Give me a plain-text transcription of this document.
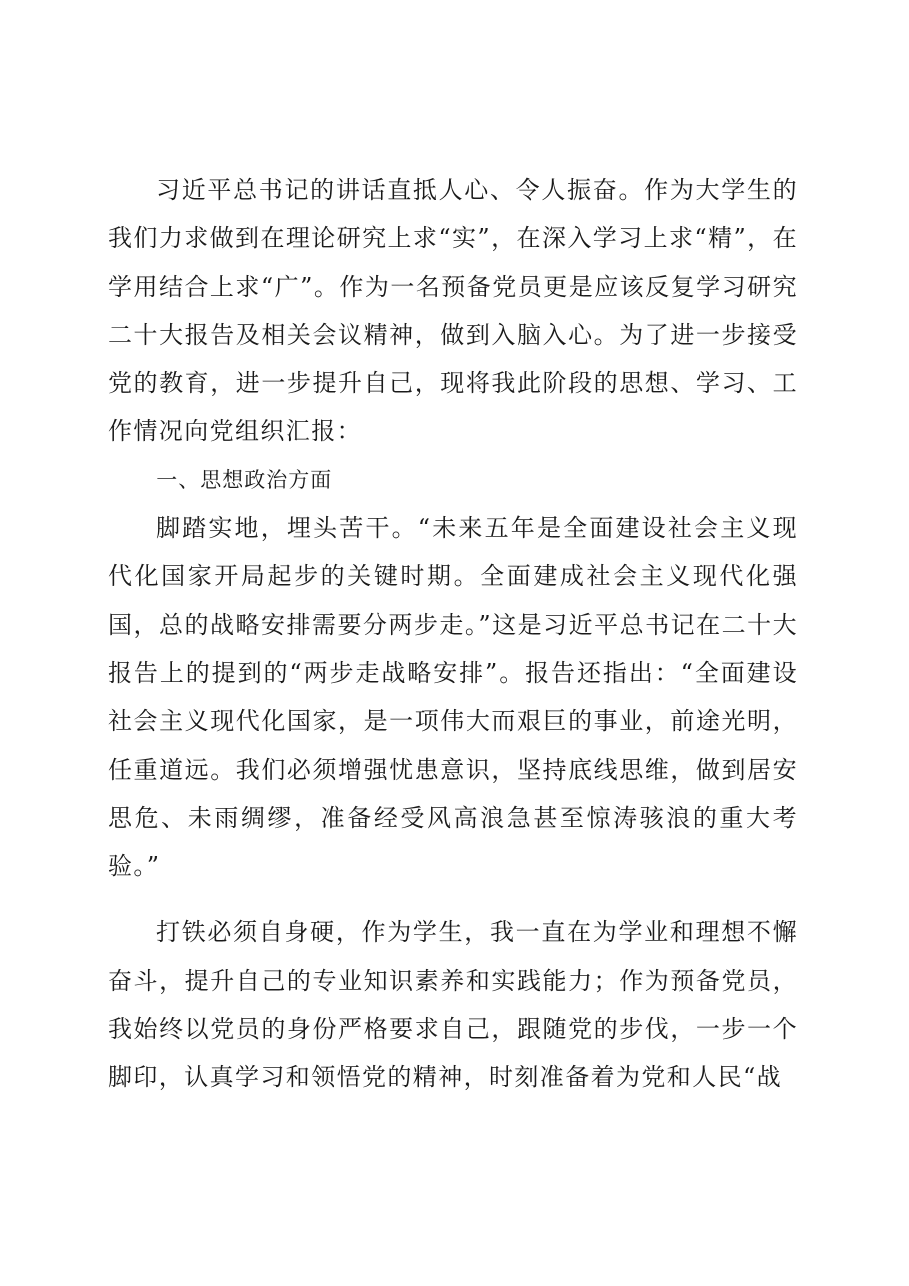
习近平总书记的讲话直抵人心、令人振奋。作为大学生的我们力求做到在理论研究上求“实”，在深入学习上求“精”，在学用结合上求“广”。作为一名预备党员更是应该反复学习研究二十大报告及相关会议精神，做到入脑入心。为了进一步接受党的教育，进一步提升自己，现将我此阶段的思想、学习、工作情况向党组织汇报：

一、思想政治方面

脚踏实地，埋头苦干。“未来五年是全面建设社会主义现代化国家开局起步的关键时期。全面建成社会主义现代化强国，总的战略安排需要分两步走。”这是习近平总书记在二十大报告上的提到的“两步走战略安排”。报告还指出：“全面建设社会主义现代化国家，是一项伟大而艰巨的事业，前途光明，任重道远。我们必须增强忧患意识，坚持底线思维，做到居安思危、未雨绸缪，准备经受风高浪急甚至惊涛骇浪的重大考验。”

打铁必须自身硬，作为学生，我一直在为学业和理想不懈奋斗，提升自己的专业知识素养和实践能力；作为预备党员，我始终以党员的身份严格要求自己，跟随党的步伐，一步一个脚印，认真学习和领悟党的精神，时刻准备着为党和人民“战
